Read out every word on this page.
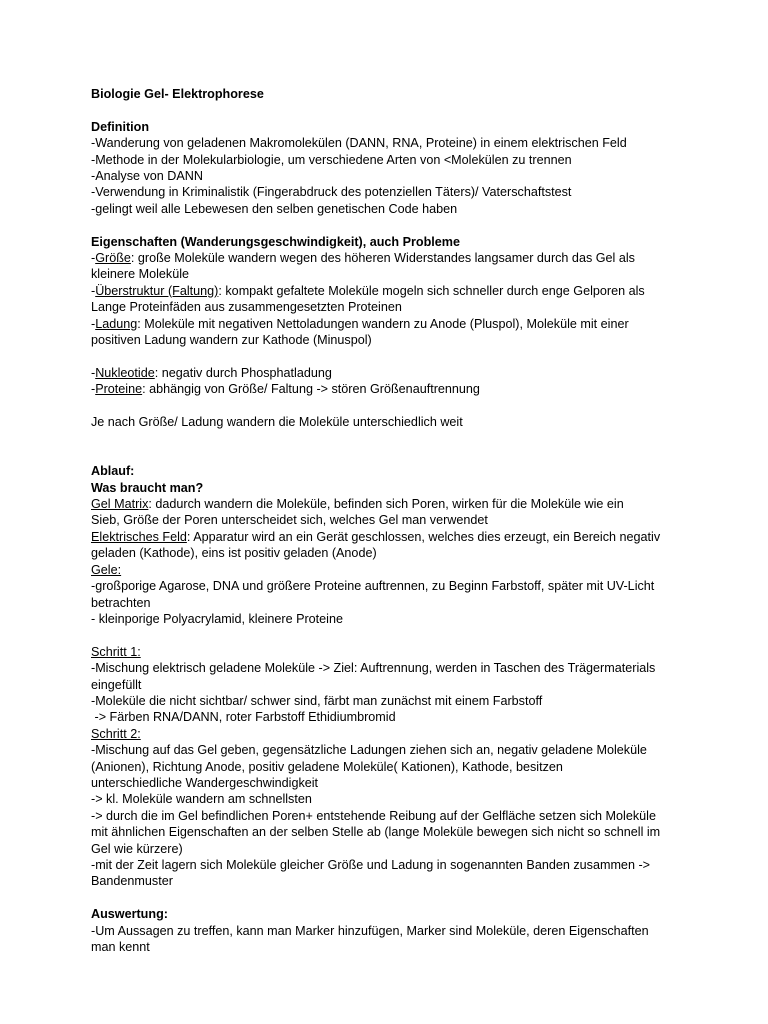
Biologie Gel- Elektrophorese
Definition
-Wanderung von geladenen Makromolekülen (DANN, RNA, Proteine) in einem elektrischen Feld
-Methode in der Molekularbiologie, um verschiedene Arten von <Molekülen zu trennen
-Analyse von DANN
-Verwendung in Kriminalistik (Fingerabdruck des potenziellen Täters)/ Vaterschaftstest
-gelingt weil alle Lebewesen den selben genetischen Code haben
Eigenschaften (Wanderungsgeschwindigkeit), auch Probleme
-Größe: große Moleküle wandern wegen des höheren Widerstandes langsamer durch das Gel als
kleinere Moleküle
-Überstruktur (Faltung): kompakt gefaltete Moleküle mogeln sich schneller durch enge Gelporen als
Lange Proteinfäden aus zusammengesetzten Proteinen
-Ladung: Moleküle mit negativen Nettoladungen wandern zu Anode (Pluspol), Moleküle mit einer
positiven Ladung wandern zur Kathode (Minuspol)
-Nukleotide: negativ durch Phosphatladung
-Proteine: abhängig von Größe/ Faltung -> stören Größenauftrennung
Je nach Größe/ Ladung wandern die Moleküle unterschiedlich weit
Ablauf:
Was braucht man?
Gel Matrix: dadurch wandern die Moleküle, befinden sich Poren, wirken für die Moleküle wie ein
Sieb, Größe der Poren unterscheidet sich, welches Gel man verwendet
Elektrisches Feld: Apparatur wird an ein Gerät geschlossen, welches dies erzeugt, ein Bereich negativ
geladen (Kathode), eins ist positiv geladen (Anode)
Gele:
-großporige Agarose, DNA und größere Proteine auftrennen, zu Beginn Farbstoff, später mit UV-Licht
betrachten
- kleinporige Polyacrylamid, kleinere Proteine
Schritt 1:
-Mischung elektrisch geladene Moleküle -> Ziel: Auftrennung, werden in Taschen des Trägermaterials
eingefüllt
-Moleküle die nicht sichtbar/ schwer sind, färbt man zunächst mit einem Farbstoff
-> Färben RNA/DANN, roter Farbstoff Ethidiumbromid
Schritt 2:
-Mischung auf das Gel geben, gegensätzliche Ladungen ziehen sich an, negativ geladene Moleküle
(Anionen), Richtung Anode, positiv geladene Moleküle( Kationen), Kathode, besitzen
unterschiedliche Wandergeschwindigkeit
-> kl. Moleküle wandern am schnellsten
-> durch die im Gel befindlichen Poren+ entstehende Reibung auf der Gelfläche setzen sich Moleküle
mit ähnlichen Eigenschaften an der selben Stelle ab (lange Moleküle bewegen sich nicht so schnell im
Gel wie kürzere)
-mit der Zeit lagern sich Moleküle gleicher Größe und Ladung in sogenannten Banden zusammen ->
Bandenmuster
Auswertung:
-Um Aussagen zu treffen, kann man Marker hinzufügen, Marker sind Moleküle, deren Eigenschaften
man kennt
